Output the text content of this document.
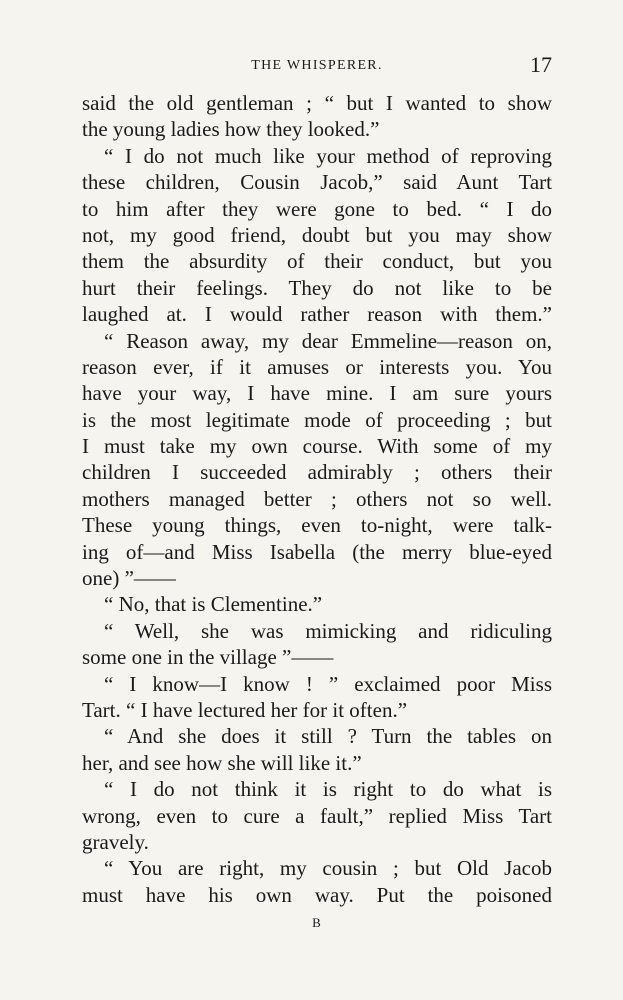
THE WHISPERER.	17
said the old gentleman ; “ but I wanted to show
the young ladies how they looked.”
“ I do not much like your method of reproving
these children, Cousin Jacob,” said Aunt Tart
to him after they were gone to bed. “ I do
not, my good friend, doubt but you may show
them the absurdity of their conduct, but you
hurt their feelings. They do not like to be
laughed at. I would rather reason with them.”
“ Reason away, my dear Emmeline—reason on,
reason ever, if it amuses or interests you. You
have your way, I have mine. I am sure yours
is the most legitimate mode of proceeding ; but
I must take my own course. With some of my
children I succeeded admirably ; others their
mothers managed better ; others not so well.
These young things, even to-night, were talk-
ing of—and Miss Isabella (the merry blue-eyed
one) ”——
“ No, that is Clementine.”
“ Well, she was mimicking and ridiculing
some one in the village ”——
“ I know—I know ! ” exclaimed poor Miss
Tart. “ I have lectured her for it often.”
“ And she does it still ? Turn the tables on
her, and see how she will like it.”
“ I do not think it is right to do what is
wrong, even to cure a fault,” replied Miss Tart
gravely.
“ You are right, my cousin ; but Old Jacob
must have his own way. Put the poisoned
B
